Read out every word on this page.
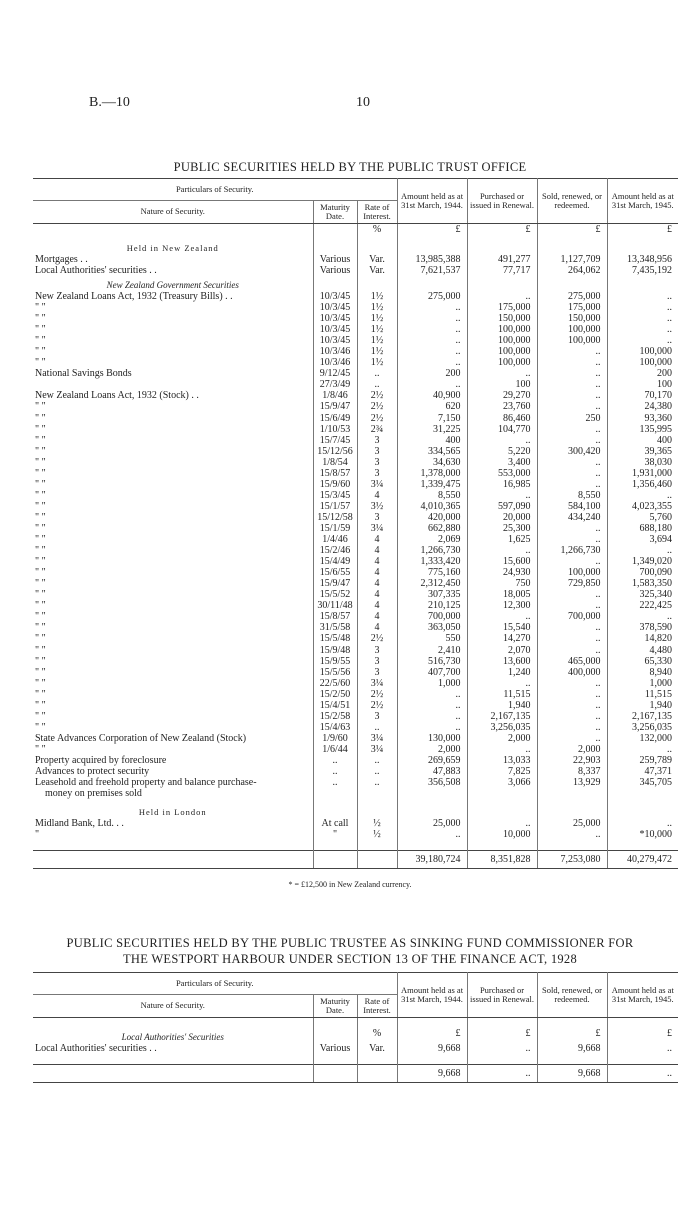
B.—10	10
PUBLIC SECURITIES HELD BY THE PUBLIC TRUST OFFICE
Particulars of Security.			Amount held as at 31st March, 1944.	Purchased or issued in Renewal.	Sold, renewed, or redeemed.	Amount held as at 31st March, 1945.
Nature of Security.	Maturity Date.	Rate of Interest.				
		%	£	£	£	£
Held in New Zealand						
Mortgages . .	Various	Var.	13,985,388	491,277	1,127,709	13,348,956
Local Authorities' securities . .	Various	Var.	7,621,537	77,717	264,062	7,435,192
New Zealand Government Securities						
New Zealand Loans Act, 1932 (Treasury Bills) . .	10/3/45	1½	275,000	..	275,000	..
" "	10/3/45	1½	..	175,000	175,000	..
" "	10/3/45	1½	..	150,000	150,000	..
" "	10/3/45	1½	..	100,000	100,000	..
" "	10/3/45	1½	..	100,000	100,000	..
" "	10/3/46	1½	..	100,000	..	100,000
" "	10/3/46	1½	..	100,000	..	100,000
National Savings Bonds	9/12/45	..	200	..	..	200
	27/3/49	..	..	100	..	100
New Zealand Loans Act, 1932 (Stock) . .	1/8/46	2½	40,900	29,270	..	70,170
" "	15/9/47	2½	620	23,760	..	24,380
" "	15/6/49	2½	7,150	86,460	250	93,360
" "	1/10/53	2¾	31,225	104,770	..	135,995
" "	15/7/45	3	400	..	..	400
" "	15/12/56	3	334,565	5,220	300,420	39,365
" "	1/8/54	3	34,630	3,400	..	38,030
" "	15/8/57	3	1,378,000	553,000	..	1,931,000
" "	15/9/60	3¼	1,339,475	16,985	..	1,356,460
" "	15/3/45	4	8,550	..	8,550	..
" "	15/1/57	3½	4,010,365	597,090	584,100	4,023,355
" "	15/12/58	3	420,000	20,000	434,240	5,760
" "	15/1/59	3¼	662,880	25,300	..	688,180
" "	1/4/46	4	2,069	1,625	..	3,694
" "	15/2/46	4	1,266,730	..	1,266,730	..
" "	15/4/49	4	1,333,420	15,600	..	1,349,020
" "	15/6/55	4	775,160	24,930	100,000	700,090
" "	15/9/47	4	2,312,450	750	729,850	1,583,350
" "	15/5/52	4	307,335	18,005	..	325,340
" "	30/11/48	4	210,125	12,300	..	222,425
" "	15/8/57	4	700,000	..	700,000	..
" "	31/5/58	4	363,050	15,540	..	378,590
" "	15/5/48	2½	550	14,270	..	14,820
" "	15/9/48	3	2,410	2,070	..	4,480
" "	15/9/55	3	516,730	13,600	465,000	65,330
" "	15/5/56	3	407,700	1,240	400,000	8,940
" "	22/5/60	3¼	1,000	..	..	1,000
" "	15/2/50	2½	..	11,515	..	11,515
" "	15/4/51	2½	..	1,940	..	1,940
" "	15/2/58	3	..	2,167,135	..	2,167,135
" "	15/4/63	..	..	3,256,035	..	3,256,035
State Advances Corporation of New Zealand (Stock)	1/9/60	3¼	130,000	2,000	..	132,000
" "	1/6/44	3¼	2,000	..	2,000	..
Property acquired by foreclosure	..	..	269,659	13,033	22,903	259,789
Advances to protect security	..	..	47,883	7,825	8,337	47,371
Leasehold and freehold property and balance purchase-	..	..	356,508	3,066	13,929	345,705
money on premises sold						
Held in London						
Midland Bank, Ltd. . .	At call	½	25,000	..	25,000	..
"	"	½	..	10,000	..	*10,000

			39,180,724	8,351,828	7,253,080	40,279,472
* = £12,500 in New Zealand currency.
PUBLIC SECURITIES HELD BY THE PUBLIC TRUSTEE AS SINKING FUND COMMISSIONER FOR
THE WESTPORT HARBOUR UNDER SECTION 13 OF THE FINANCE ACT, 1928
Particulars of Security.			Amount held as at 31st March, 1944.	Purchased or issued in Renewal.	Sold, renewed, or redeemed.	Amount held as at 31st March, 1945.
Nature of Security.	Maturity Date.	Rate of Interest.				

Local Authorities' Securities		%	£	£	£	£
Local Authorities' securities . .	Various	Var.	9,668	..	9,668	..

			9,668	..	9,668	..
